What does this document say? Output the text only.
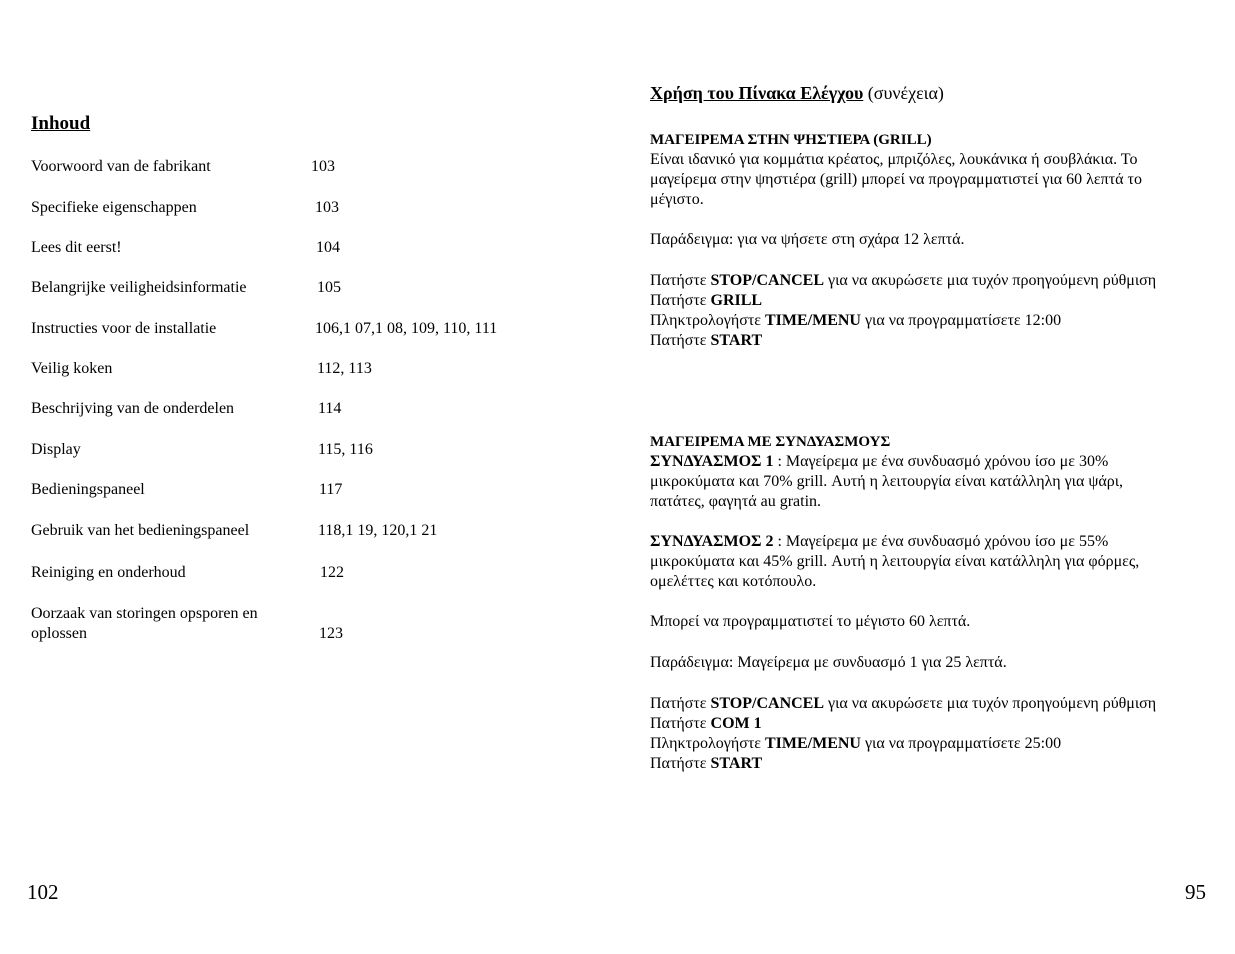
Inhoud
Voorwoord van de fabrikant	103
Specifieke eigenschappen	103
Lees dit eerst!	104
Belangrijke veiligheidsinformatie	105
Instructies voor de installatie	106,1 07,1 08, 109, 110, 111
Veilig koken	112, 113
Beschrijving van de onderdelen	114
Display	115, 116
Bedieningspaneel	117
Gebruik van het bedieningspaneel	118,1 19, 120,1 21
Reiniging en onderhoud	122
Oorzaak van storingen opsporen en
oplossen	123
102
Χρήση του Πίνακα Ελέγχου (συνέχεια)
ΜΑΓΕΙΡΕΜΑ ΣΤΗΝ ΨΗΣΤΙΕΡΑ (GRILL)
Είναι ιδανικό για κομμάτια κρέατος, μπριζόλες, λουκάνικα ή σουβλάκια. Το μαγείρεμα στην ψηστιέρα (grill) μπορεί να προγραμματιστεί για 60 λεπτά το μέγιστο.
Παράδειγμα: για να ψήσετε στη σχάρα 12 λεπτά.
Πατήστε STOP/CANCEL για να ακυρώσετε μια τυχόν προηγούμενη ρύθμιση
Πατήστε GRILL
Πληκτρολογήστε TIME/MENU για να προγραμματίσετε 12:00
Πατήστε START
ΜΑΓΕΙΡΕΜΑ ΜΕ ΣΥΝΔΥΑΣΜΟΥΣ
ΣΥΝΔΥΑΣΜΟΣ 1 : Μαγείρεμα με ένα συνδυασμό χρόνου ίσο με 30% μικροκύματα και 70% grill. Αυτή η λειτουργία είναι κατάλληλη για ψάρι, πατάτες, φαγητά au gratin.
ΣΥΝΔΥΑΣΜΟΣ 2 : Μαγείρεμα με ένα συνδυασμό χρόνου ίσο με 55% μικροκύματα και 45% grill. Αυτή η λειτουργία είναι κατάλληλη για φόρμες, ομελέττες και κοτόπουλο.
Μπορεί να προγραμματιστεί το μέγιστο 60 λεπτά.
Παράδειγμα: Μαγείρεμα με συνδυασμό 1 για 25 λεπτά.
Πατήστε STOP/CANCEL για να ακυρώσετε μια τυχόν προηγούμενη ρύθμιση
Πατήστε COM 1
Πληκτρολογήστε TIME/MENU για να προγραμματίσετε 25:00
Πατήστε START
95
